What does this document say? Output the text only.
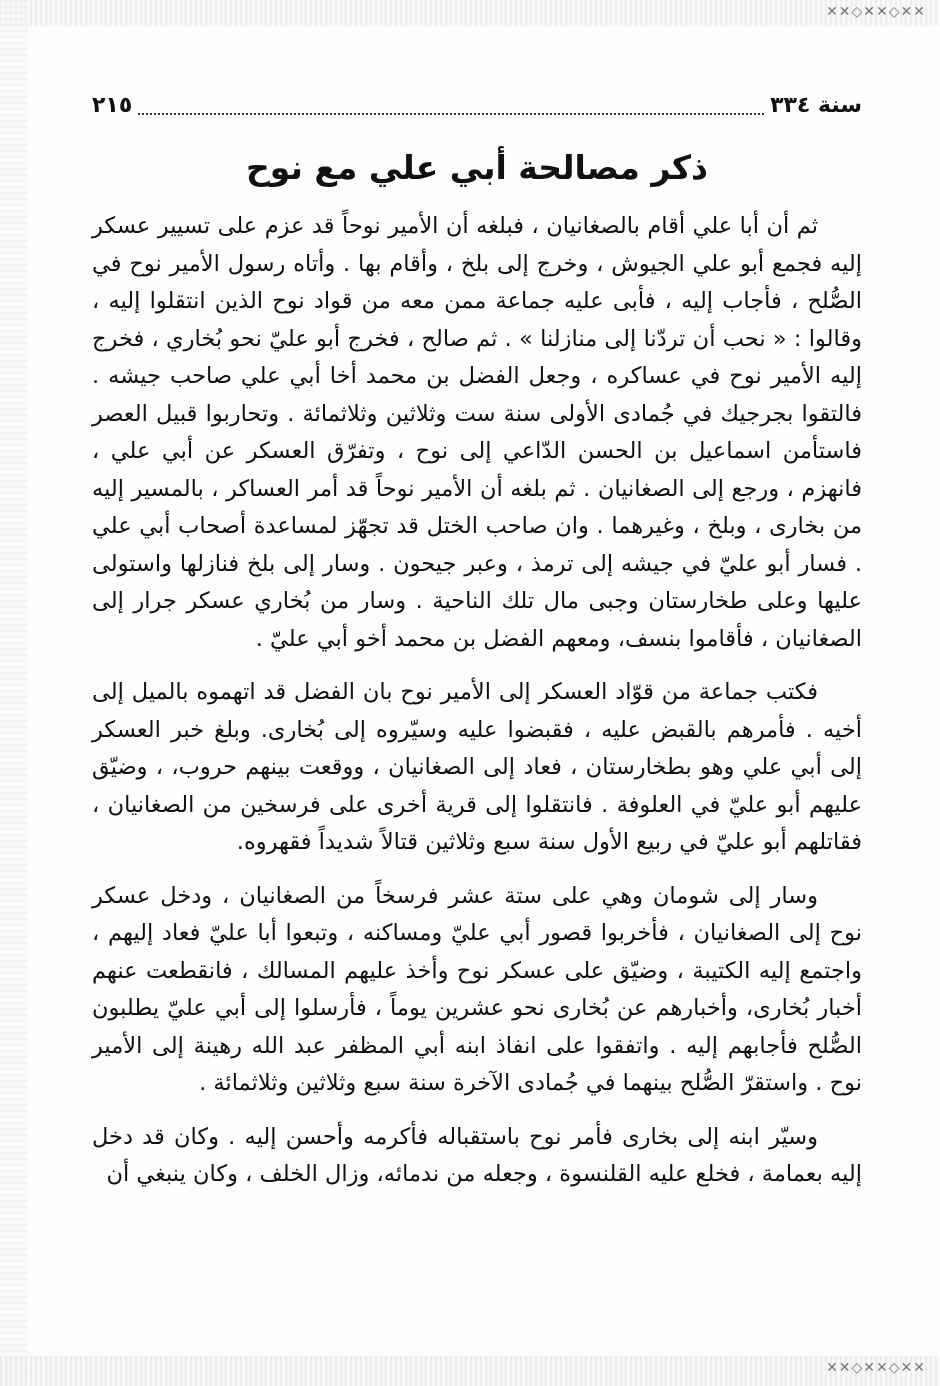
✕✕◇✕✕◇✕✕
✕✕◇✕✕◇✕✕
سنة ٣٣٤
٢١٥
ذكر مصالحة أبي علي مع نوح

ثم أن أبا علي أقام بالصغانيان ، فبلغه أن الأمير نوحاً قد عزم على تسيير عسكر إليه فجمع أبو علي الجيوش ، وخرج إلى بلخ ، وأقام بها . وأتاه رسول الأمير نوح في الصُّلح ، فأجاب إليه ، فأبى عليه جماعة ممن معه من قواد نوح الذين انتقلوا إليه ، وقالوا : « نحب أن تردّنا إلى منازلنا » . ثم صالح ، فخرج أبو عليّ نحو بُخاري ، فخرج إليه الأمير نوح في عساكره ، وجعل الفضل بن محمد أخا أبي علي صاحب جيشه . فالتقوا بجرجيك في جُمادى الأولى سنة ست وثلاثين وثلاثمائة . وتحاربوا قبيل العصر فاستأمن اسماعيل بن الحسن الدّاعي إلى نوح ، وتفرّق العسكر عن أبي علي ، فانهزم ، ورجع إلى الصغانيان . ثم بلغه أن الأمير نوحاً قد أمر العساكر ، بالمسير إليه من بخارى ، وبلخ ، وغيرهما . وان صاحب الختل قد تجهّز لمساعدة أصحاب أبي علي . فسار أبو عليّ في جيشه إلى ترمذ ، وعبر جيحون . وسار إلى بلخ فنازلها واستولى عليها وعلى طخارستان وجبى مال تلك الناحية . وسار من بُخاري عسكر جرار إلى الصغانيان ، فأقاموا بنسف، ومعهم الفضل بن محمد أخو أبي عليّ .

فكتب جماعة من قوّاد العسكر إلى الأمير نوح بان الفضل قد اتهموه بالميل إلى أخيه . فأمرهم بالقبض عليه ، فقبضوا عليه وسيّروه إلى بُخارى. وبلغ خبر العسكر إلى أبي علي وهو بطخارستان ، فعاد إلى الصغانيان ، ووقعت بينهم حروب، ، وضيّق عليهم أبو عليّ في العلوفة . فانتقلوا إلى قرية أخرى على فرسخين من الصغانيان ، فقاتلهم أبو عليّ في ربيع الأول سنة سبع وثلاثين قتالاً شديداً فقهروه.

وسار إلى شومان وهي على ستة عشر فرسخاً من الصغانيان ، ودخل عسكر نوح إلى الصغانيان ، فأخربوا قصور أبي عليّ ومساكنه ، وتبعوا أبا عليّ فعاد إليهم ، واجتمع إليه الكتيبة ، وضيّق على عسكر نوح وأخذ عليهم المسالك ، فانقطعت عنهم أخبار بُخارى، وأخبارهم عن بُخارى نحو عشرين يوماً ، فأرسلوا إلى أبي عليّ يطلبون الصُّلح فأجابهم إليه . واتفقوا على انفاذ ابنه أبي المظفر عبد الله رهينة إلى الأمير نوح . واستقرّ الصُّلح بينهما في جُمادى الآخرة سنة سبع وثلاثين وثلاثمائة .

وسيّر ابنه إلى بخارى فأمر نوح باستقباله فأكرمه وأحسن إليه . وكان قد دخل إليه بعمامة ، فخلع عليه القلنسوة ، وجعله من ندمائه، وزال الخلف ، وكان ينبغي أن
